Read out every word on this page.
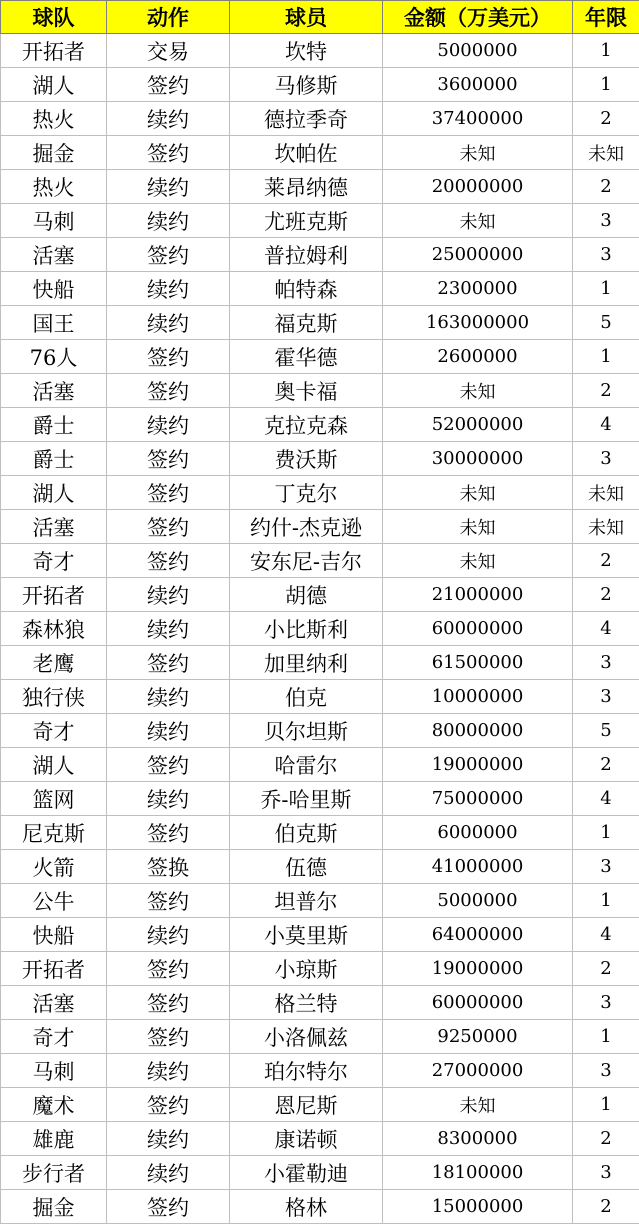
球队	动作	球员	金额（万美元）	年限
开拓者	交易	坎特	5000000	1
湖人	签约	马修斯	3600000	1
热火	续约	德拉季奇	37400000	2
掘金	签约	坎帕佐	未知	未知
热火	续约	莱昂纳德	20000000	2
马刺	续约	尤班克斯	未知	3
活塞	签约	普拉姆利	25000000	3
快船	续约	帕特森	2300000	1
国王	续约	福克斯	163000000	5
76人	签约	霍华德	2600000	1
活塞	签约	奥卡福	未知	2
爵士	续约	克拉克森	52000000	4
爵士	签约	费沃斯	30000000	3
湖人	签约	丁克尔	未知	未知
活塞	签约	约什-杰克逊	未知	未知
奇才	签约	安东尼-吉尔	未知	2
开拓者	续约	胡德	21000000	2
森林狼	续约	小比斯利	60000000	4
老鹰	签约	加里纳利	61500000	3
独行侠	续约	伯克	10000000	3
奇才	续约	贝尔坦斯	80000000	5
湖人	签约	哈雷尔	19000000	2
篮网	续约	乔-哈里斯	75000000	4
尼克斯	签约	伯克斯	6000000	1
火箭	签换	伍德	41000000	3
公牛	签约	坦普尔	5000000	1
快船	续约	小莫里斯	64000000	4
开拓者	签约	小琼斯	19000000	2
活塞	签约	格兰特	60000000	3
奇才	签约	小洛佩兹	9250000	1
马刺	续约	珀尔特尔	27000000	3
魔术	签约	恩尼斯	未知	1
雄鹿	续约	康诺顿	8300000	2
步行者	续约	小霍勒迪	18100000	3
掘金	签约	格林	15000000	2
